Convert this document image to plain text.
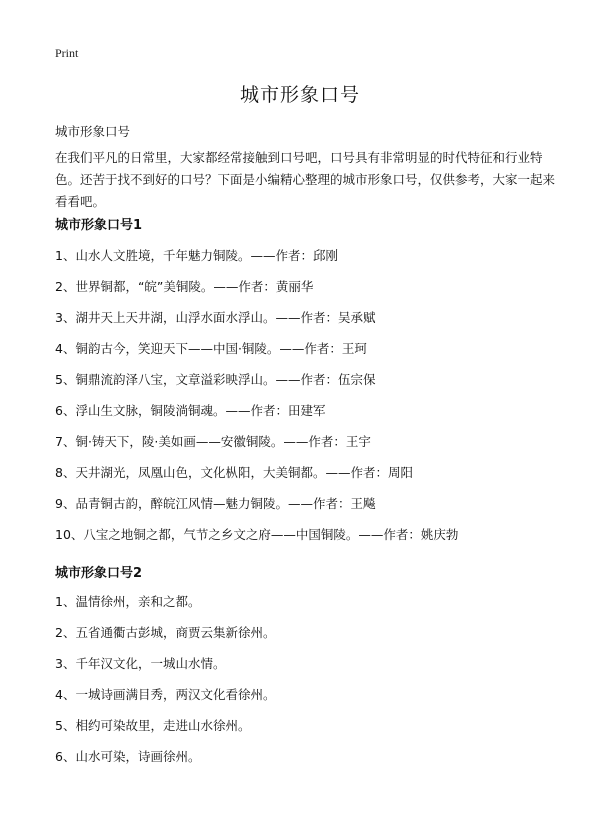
Print
城市形象口号

城市形象口号

在我们平凡的日常里，大家都经常接触到口号吧，口号具有非常明显的时代特征和行业特色。还苦于找不到好的口号？下面是小编精心整理的城市形象口号，仅供参考，大家一起来看看吧。

城市形象口号1
1、山水人文胜境，千年魅力铜陵。——作者：邱刚
2、世界铜都，“皖”美铜陵。——作者：黄丽华
3、湖井天上天井湖，山浮水面水浮山。——作者：吴承赋
4、铜韵古今，笑迎天下——中国·铜陵。——作者：王珂
5、铜鼎流韵泽八宝，文章溢彩映浮山。——作者：伍宗保
6、浮山生文脉，铜陵淌铜魂。——作者：田建军
7、铜·铸天下，陵·美如画——安徽铜陵。——作者：王宇
8、天井湖光，凤凰山色，文化枞阳，大美铜都。——作者：周阳
9、品青铜古韵，醉皖江风情—魅力铜陵。——作者：王飚
10、八宝之地铜之都，气节之乡文之府——中国铜陵。——作者：姚庆勃
城市形象口号2
1、温情徐州，亲和之都。
2、五省通衢古彭城，商贾云集新徐州。
3、千年汉文化，一城山水情。
4、一城诗画满目秀，两汉文化看徐州。
5、相约可染故里，走进山水徐州。
6、山水可染，诗画徐州。
